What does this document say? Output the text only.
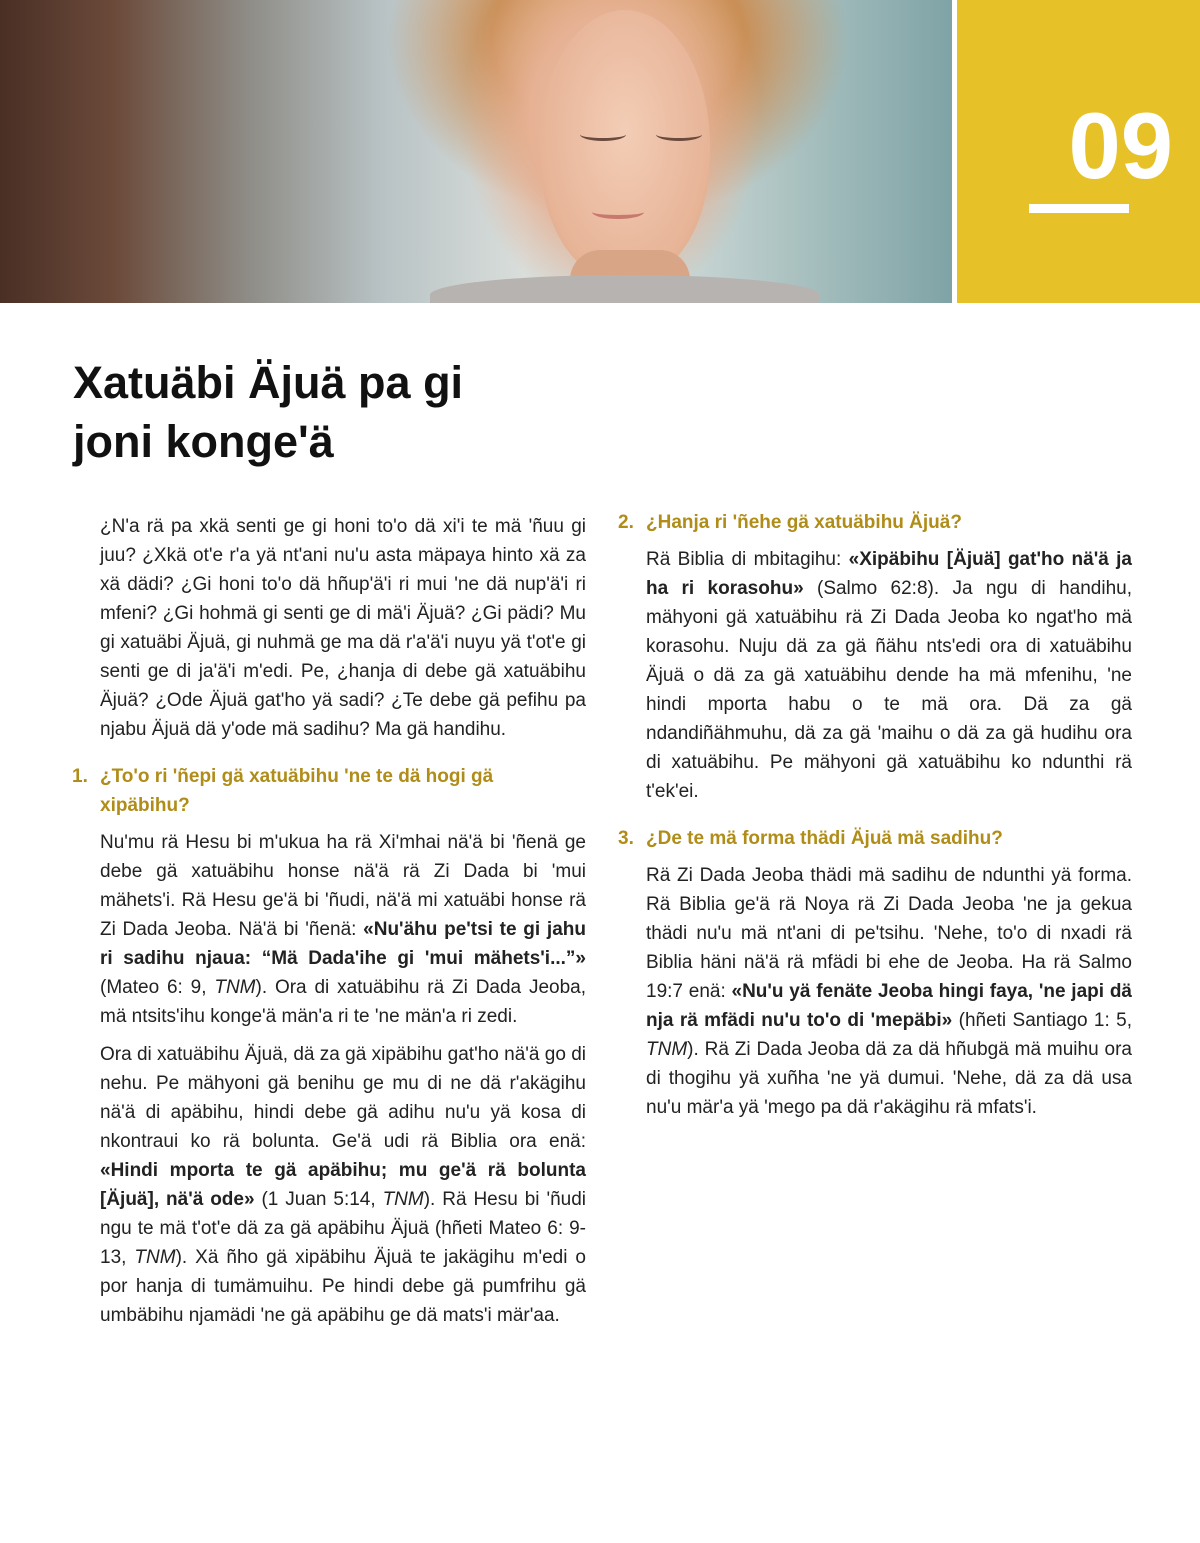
09
Xatuäbi Äjuä pa gi
joni konge'ä

¿N'a rä pa xkä senti ge gi honi to'o dä xi'i te mä 'ñuu gi juu? ¿Xkä ot'e r'a yä nt'ani nu'u asta mäpaya hinto xä za xä dädi? ¿Gi honi to'o dä hñup'ä'i ri mui 'ne dä nup'ä'i ri mfeni? ¿Gi hohmä gi senti ge di mä'i Äjuä? ¿Gi pädi? Mu gi xatuäbi Äjuä, gi nuhmä ge ma dä r'a'ä'i nuyu yä t'ot'e gi senti ge di ja'ä'i m'edi. Pe, ¿hanja di debe gä xatuäbihu Äjuä? ¿Ode Äjuä gat'ho yä sadi? ¿Te debe gä pefihu pa njabu Äjuä dä y'ode mä sadihu? Ma gä handihu.

1. ¿To'o ri 'ñepi gä xatuäbihu 'ne te dä hogi gä xipäbihu?

Nu'mu rä Hesu bi m'ukua ha rä Xi'mhai nä'ä bi 'ñenä ge debe gä xatuäbihu honse nä'ä rä Zi Dada bi 'mui mähets'i. Rä Hesu ge'ä bi 'ñudi, nä'ä mi xatuäbi honse rä Zi Dada Jeoba. Nä'ä bi 'ñenä: «Nu'ähu pe'tsi te gi jahu ri sadihu njaua: “Mä Dada'ihe gi 'mui mähets'i...”» (Mateo 6: 9, TNM). Ora di xatuäbihu rä Zi Dada Jeoba, mä ntsits'ihu konge'ä män'a ri te 'ne män'a ri zedi.

Ora di xatuäbihu Äjuä, dä za gä xipäbihu gat'ho nä'ä go di nehu. Pe mähyoni gä benihu ge mu di ne dä r'akägihu nä'ä di apäbihu, hindi debe gä adihu nu'u yä kosa di nkontraui ko rä bolunta. Ge'ä udi rä Biblia ora enä: «Hindi mporta te gä apäbihu; mu ge'ä rä bolunta [Äjuä], nä'ä ode» (1 Juan 5:14, TNM). Rä Hesu bi 'ñudi ngu te mä t'ot'e dä za gä apäbihu Äjuä (hñeti Mateo 6: 9-13, TNM). Xä ñho gä xipäbihu Äjuä te jakägihu m'edi o por hanja di tumämuihu. Pe hindi debe gä pumfrihu gä umbäbihu njamädi 'ne gä apäbihu ge dä mats'i mär'aa.

2. ¿Hanja ri 'ñehe gä xatuäbihu Äjuä?

Rä Biblia di mbitagihu: «Xipäbihu [Äjuä] gat'ho nä'ä ja ha ri korasohu» (Salmo 62:8). Ja ngu di handihu, mähyoni gä xatuäbihu rä Zi Dada Jeoba ko ngat'ho mä korasohu. Nuju dä za gä ñähu nts'edi ora di xatuäbihu Äjuä o dä za gä xatuäbihu dende ha mä mfenihu, 'ne hindi mporta habu o te mä ora. Dä za gä ndandiñähmuhu, dä za gä 'maihu o dä za gä hudihu ora di xatuäbihu. Pe mähyoni gä xatuäbihu ko ndunthi rä t'ek'ei.

3. ¿De te mä forma thädi Äjuä mä sadihu?

Rä Zi Dada Jeoba thädi mä sadihu de ndunthi yä forma. Rä Biblia ge'ä rä Noya rä Zi Dada Jeoba 'ne ja gekua thädi nu'u mä nt'ani di pe'tsihu. 'Nehe, to'o di nxadi rä Biblia häni nä'ä rä mfädi bi ehe de Jeoba. Ha rä Salmo 19:7 enä: «Nu'u yä fenäte Jeoba hingi faya, 'ne japi dä nja rä mfädi nu'u to'o di 'mepäbi» (hñeti Santiago 1: 5, TNM). Rä Zi Dada Jeoba dä za dä hñubgä mä muihu ora di thogihu yä xuñha 'ne yä dumui. 'Nehe, dä za dä usa nu'u mär'a yä 'mego pa dä r'akägihu rä mfats'i.
